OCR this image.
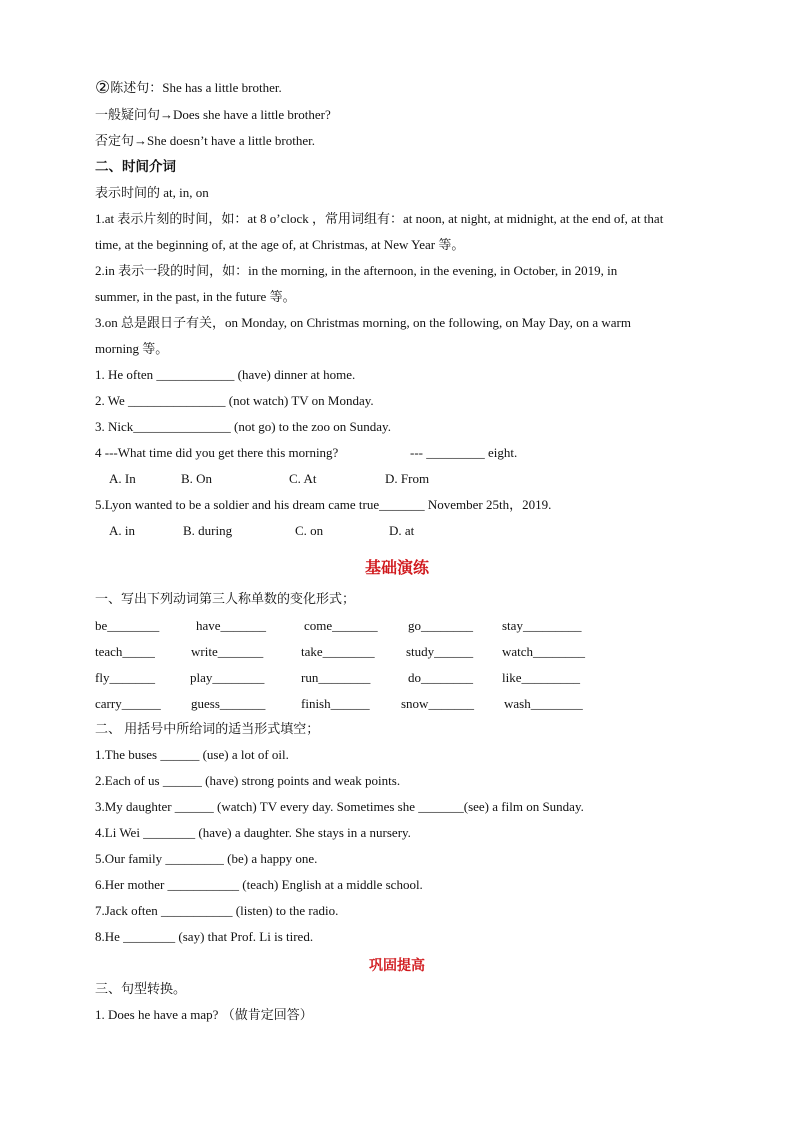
②陈述句：She has a little brother.
一般疑问句→Does she have a little brother?
否定句→She doesn’t have a little brother.
二、时间介词
表示时间的 at, in, on
1.at 表示片刻的时间，如：at 8 o’clock ，常用词组有：at noon, at night, at midnight, at the end of, at that
time, at the beginning of, at the age of, at Christmas, at New Year 等。
2.in 表示一段的时间，如：in the morning, in the afternoon, in the evening, in October, in 2019, in
summer, in the past, in the future 等。
3.on 总是跟日子有关，on Monday, on Christmas morning, on the following, on May Day, on a warm
morning 等。
1. He often ____________ (have) dinner at home.
2. We _______________ (not watch) TV on Monday.
3. Nick_______________ (not go) to the zoo on Sunday.
4 ---What time did you get there this morning?	--- _________ eight.
A. In	B. On	C. At	D. From
5.Lyon wanted to be a soldier and his dream came true_______ November 25th，2019.
A. in	B. during	C. on	D. at
基础演练
一、写出下列动词第三人称单数的变化形式；
be________	have_______	come_______ go________ stay_________
teach_____	write_______	take________ study______ watch________
fly_______	play________	run________	do________ like_________
carry______ guess_______	finish______ snow_______ wash________
二、 用括号中所给词的适当形式填空；
1.The buses ______ (use) a lot of oil.
2.Each of us ______ (have) strong points and weak points.
3.My daughter ______ (watch) TV every day. Sometimes she _______(see) a film on Sunday.
4.Li Wei ________ (have) a daughter. She stays in a nursery.
5.Our family _________ (be) a happy one.
6.Her mother ___________ (teach) English at a middle school.
7.Jack often ___________ (listen) to the radio.
8.He ________ (say) that Prof. Li is tired.
巩固提高
三、句型转换。
1. Does he have a map? （做肯定回答）
